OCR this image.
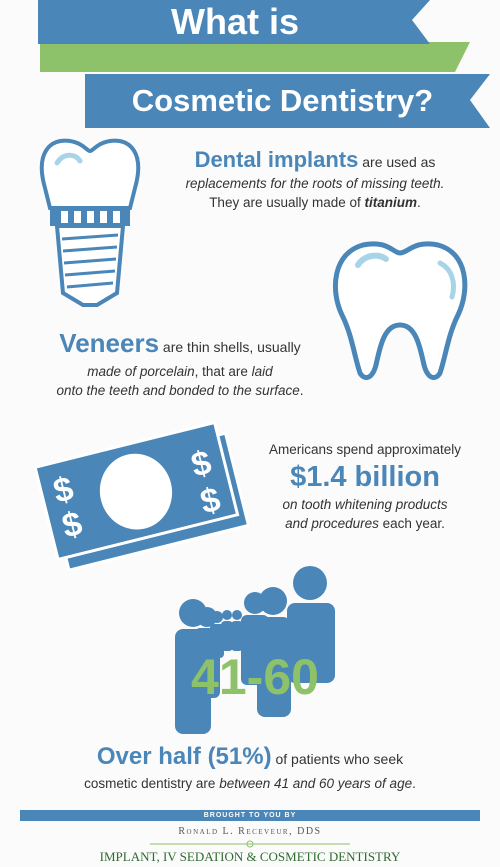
What is
Cosmetic Dentistry?
Dental implants are used as
replacements for the roots of missing teeth.
They are usually made of titanium.
Veneers are thin shells, usually
made of porcelain, that are laid
onto the teeth and bonded to the surface.
$
$
$
$
Americans spend approximately
$1.4 billion
on tooth whitening products
and procedures each year.
41-60
Over half (51%) of patients who seek
cosmetic dentistry are between 41 and 60 years of age.
BROUGHT TO YOU BY
Ronald L. Receveur, DDS
IMPLANT, IV SEDATION & COSMETIC DENTISTRY
